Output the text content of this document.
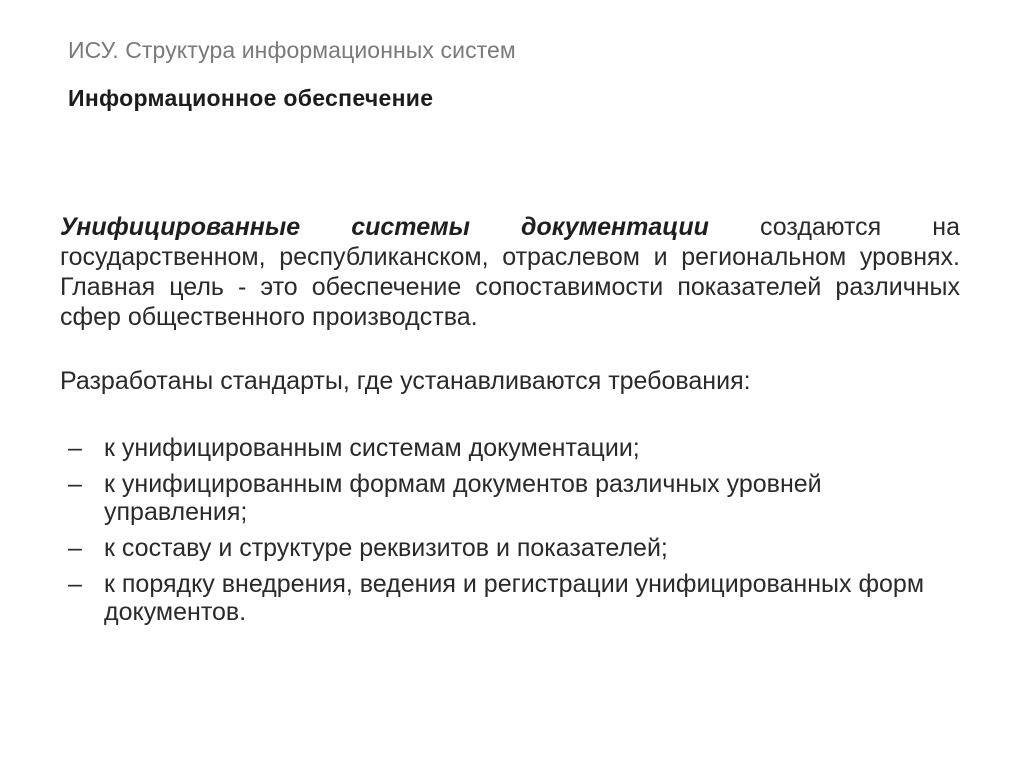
ИСУ. Структура информационных систем
Информационное обеспечение
Унифицированные системы документации создаются на государственном, республиканском, отраслевом и региональном уровнях. Главная цель - это обеспечение сопоставимости показателей различных сфер общественного производства.
Разработаны стандарты, где устанавливаются требования:
– к унифицированным системам документации;
– к унифицированным формам документов различных уровней управления;
– к составу и структуре реквизитов и показателей;
– к порядку внедрения, ведения и регистрации унифицированных форм документов.
